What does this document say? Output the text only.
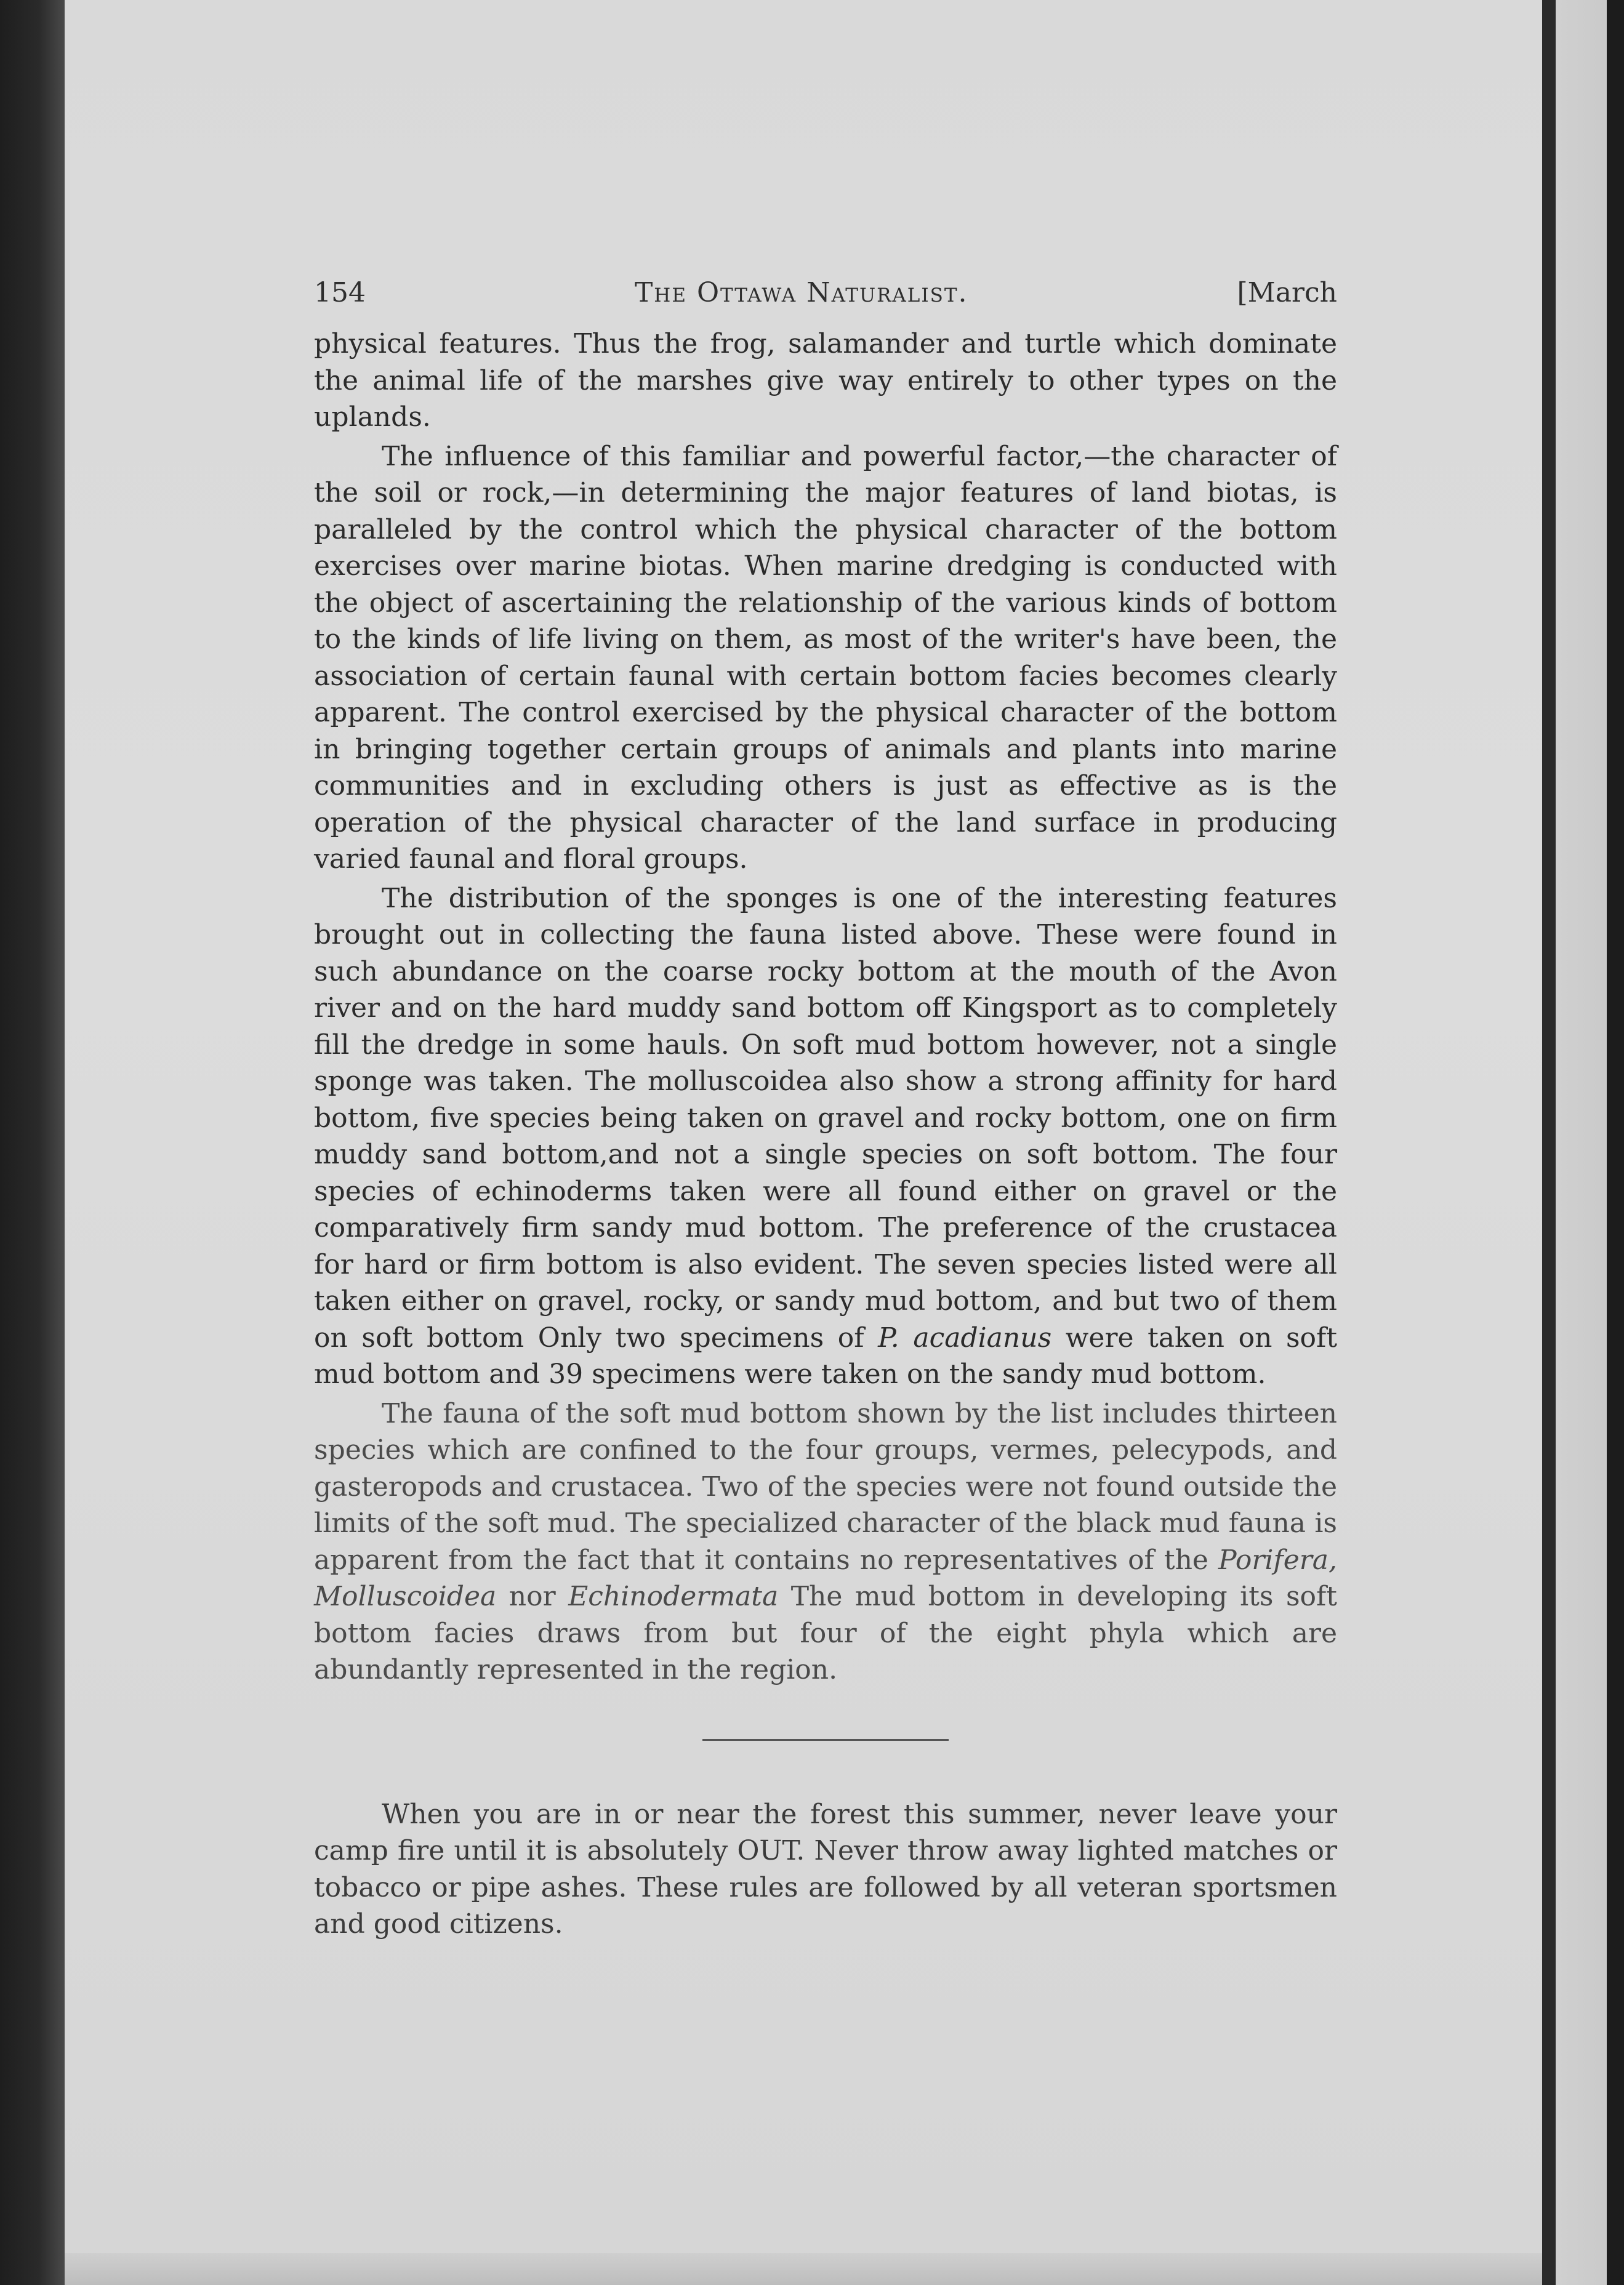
154	The Ottawa Naturalist.	[March

physical features. Thus the frog, salamander and turtle which dominate the animal life of the marshes give way entirely to other types on the uplands.

The influence of this familiar and powerful factor,—the character of the soil or rock,—in determining the major features of land biotas, is paralleled by the control which the physical character of the bottom exercises over marine biotas. When marine dredging is conducted with the object of ascertaining the relationship of the various kinds of bottom to the kinds of life living on them, as most of the writer's have been, the association of certain faunal with certain bottom facies becomes clearly apparent. The control exercised by the physical character of the bottom in bringing together certain groups of animals and plants into marine communities and in excluding others is just as effective as is the operation of the physical character of the land surface in producing varied faunal and floral groups.

The distribution of the sponges is one of the interesting features brought out in collecting the fauna listed above. These were found in such abundance on the coarse rocky bottom at the mouth of the Avon river and on the hard muddy sand bottom off Kingsport as to completely fill the dredge in some hauls. On soft mud bottom however, not a single sponge was taken. The molluscoidea also show a strong affinity for hard bottom, five species being taken on gravel and rocky bottom, one on firm muddy sand bottom,and not a single species on soft bottom. The four species of echinoderms taken were all found either on gravel or the comparatively firm sandy mud bottom. The preference of the crustacea for hard or firm bottom is also evident. The seven species listed were all taken either on gravel, rocky, or sandy mud bottom, and but two of them on soft bottom Only two specimens of P. acadianus were taken on soft mud bottom and 39 specimens were taken on the sandy mud bottom.

The fauna of the soft mud bottom shown by the list includes thirteen species which are confined to the four groups, vermes, pelecypods, and gasteropods and crustacea. Two of the species were not found outside the limits of the soft mud. The specialized character of the black mud fauna is apparent from the fact that it contains no representatives of the Porifera, Molluscoidea nor Echinodermata The mud bottom in developing its soft bottom facies draws from but four of the eight phyla which are abundantly represented in the region.

When you are in or near the forest this summer, never leave your camp fire until it is absolutely OUT. Never throw away lighted matches or tobacco or pipe ashes. These rules are followed by all veteran sportsmen and good citizens.
